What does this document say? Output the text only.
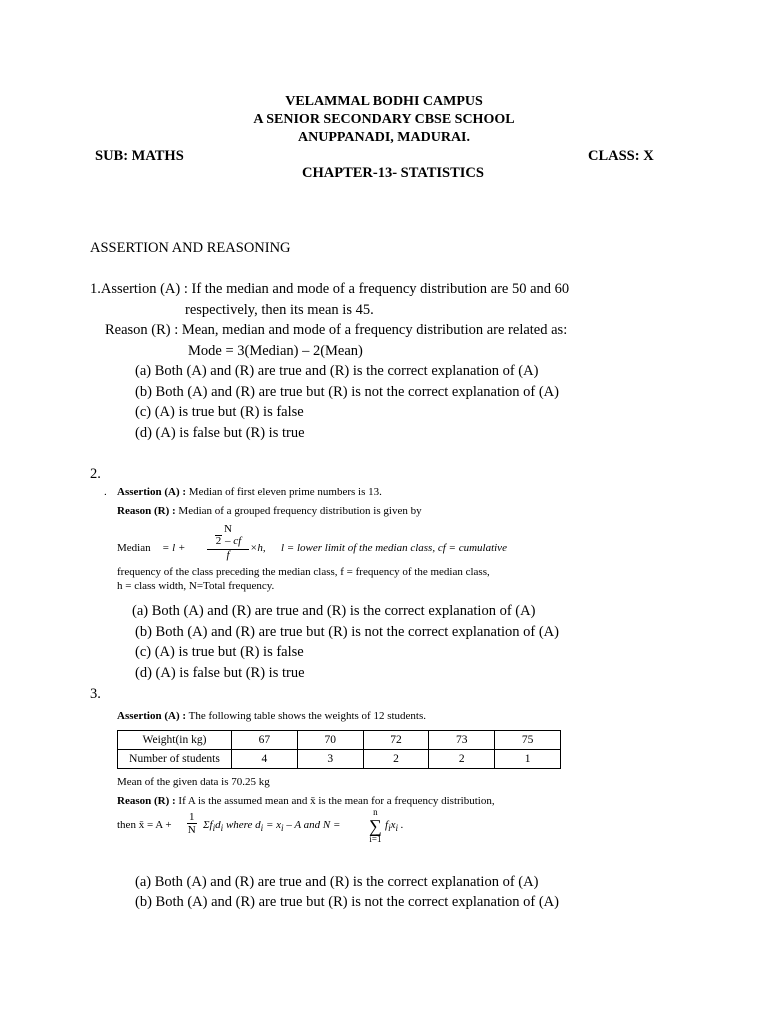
VELAMMAL BODHI CAMPUS
A SENIOR SECONDARY CBSE SCHOOL
ANUPPANADI, MADURAI.
SUB: MATHS	CLASS: X
CHAPTER-13- STATISTICS
ASSERTION AND REASONING
1.Assertion (A) : If the median and mode of a frequency distribution are 50 and 60
respectively, then its mean is 45.
Reason (R) : Mean, median and mode of a frequency distribution are related as:
Mode = 3(Median) – 2(Mean)
(a) Both (A) and (R) are true and (R) is the correct explanation of (A)
(b) Both (A) and (R) are true but (R) is not the correct explanation of (A)
(c) (A) is true but (R) is false
(d) (A) is false but (R) is true
2.
. Assertion (A) : Median of first eleven prime numbers is 13.
Reason (R) : Median of a grouped frequency distribution is given by
Median = l +
N
2 – cf
f
×h, l = lower limit of the median class, cf = cumulative
frequency of the class preceding the median class, f = frequency of the median class,
h = class width, N=Total frequency.
(a) Both (A) and (R) are true and (R) is the correct explanation of (A)
(b) Both (A) and (R) are true but (R) is not the correct explanation of (A)
(c) (A) is true but (R) is false
(d) (A) is false but (R) is true
3.
Assertion (A) : The following table shows the weights of 12 students.
Weight(in kg)	67	70	72	73	75
Number of students	4	3	2	2	1
Mean of the given data is 70.25 kg
Reason (R) : If A is the assumed mean and x̄ is the mean for a frequency distribution,
then x̄ = $A + \frac{1}{N} \Sigma f_id_i$ where $d_i = x_i - A$ and N =
n
∑
i=1
$f_ix_i$ .
(a) Both (A) and (R) are true and (R) is the correct explanation of (A)
(b) Both (A) and (R) are true but (R) is not the correct explanation of (A)
